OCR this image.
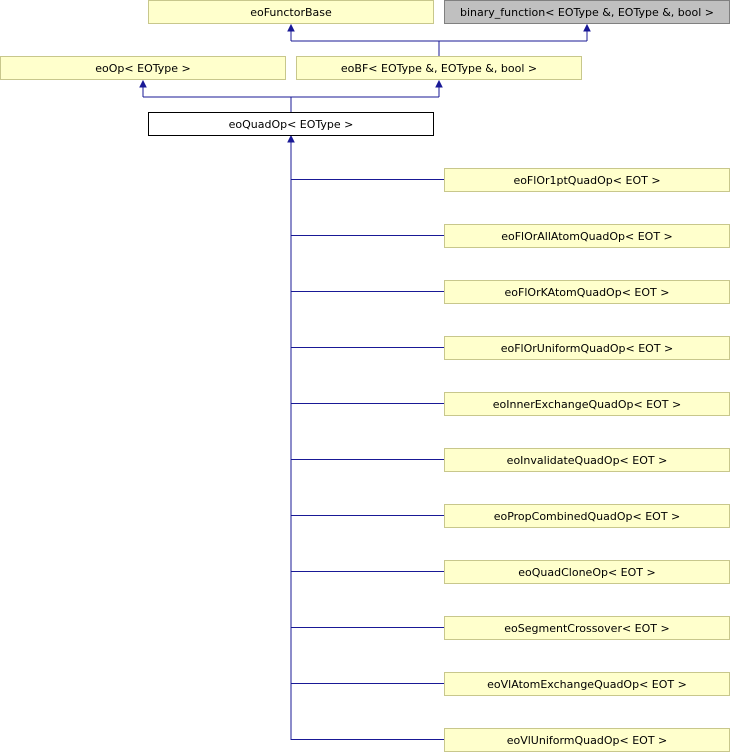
eoFunctorBase	binary_function< EOType &, EOType &, bool >
eoOp< EOType >	eoBF< EOType &, EOType &, bool >
eoQuadOp< EOType >
eoFlOr1ptQuadOp< EOT >
eoFlOrAllAtomQuadOp< EOT >
eoFlOrKAtomQuadOp< EOT >
eoFlOrUniformQuadOp< EOT >
eoInnerExchangeQuadOp< EOT >
eoInvalidateQuadOp< EOT >
eoPropCombinedQuadOp< EOT >
eoQuadCloneOp< EOT >
eoSegmentCrossover< EOT >
eoVlAtomExchangeQuadOp< EOT >
eoVlUniformQuadOp< EOT >
